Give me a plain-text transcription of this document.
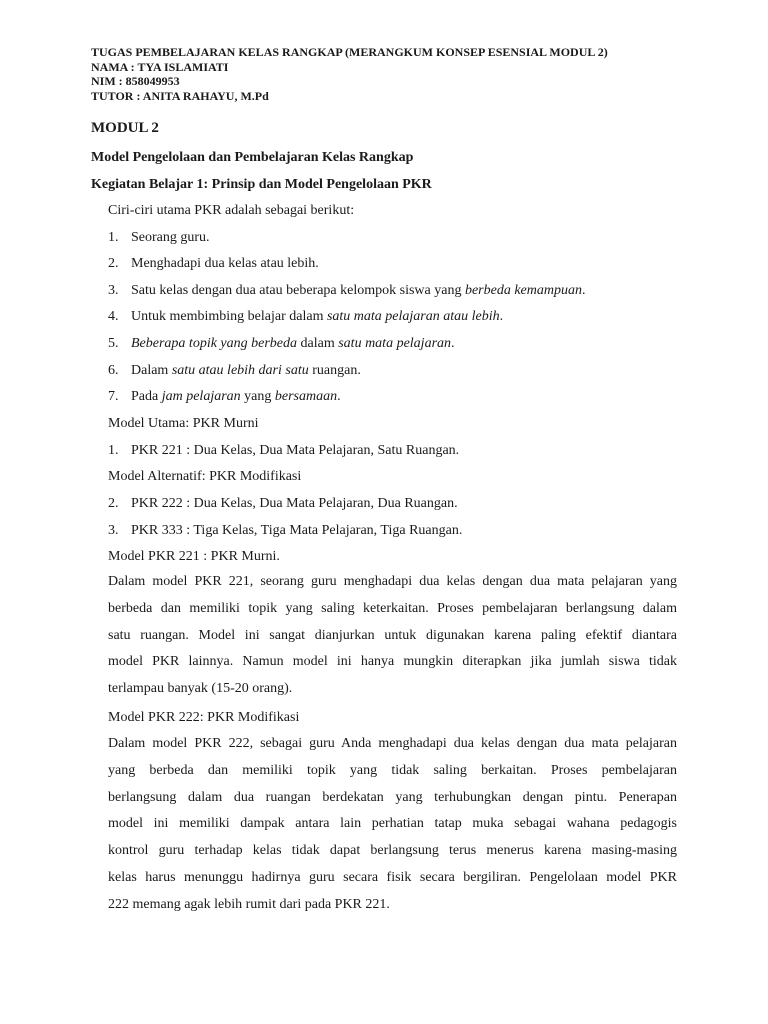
TUGAS PEMBELAJARAN KELAS RANGKAP (MERANGKUM KONSEP ESENSIAL MODUL 2)
NAMA : TYA ISLAMIATI
NIM : 858049953
TUTOR : ANITA RAHAYU, M.Pd
MODUL 2
Model Pengelolaan dan Pembelajaran Kelas Rangkap
Kegiatan Belajar 1: Prinsip dan Model Pengelolaan PKR
Ciri-ciri utama PKR adalah sebagai berikut:
1. Seorang guru.
2. Menghadapi dua kelas atau lebih.
3. Satu kelas dengan dua atau beberapa kelompok siswa yang berbeda kemampuan.
4. Untuk membimbing belajar dalam satu mata pelajaran atau lebih.
5. Beberapa topik yang berbeda dalam satu mata pelajaran.
6. Dalam satu atau lebih dari satu ruangan.
7. Pada jam pelajaran yang bersamaan.
Model Utama: PKR Murni
1. PKR 221 : Dua Kelas, Dua Mata Pelajaran, Satu Ruangan.
Model Alternatif: PKR Modifikasi
2. PKR 222 : Dua Kelas, Dua Mata Pelajaran, Dua Ruangan.
3. PKR 333 : Tiga Kelas, Tiga Mata Pelajaran, Tiga Ruangan.
Model PKR 221 : PKR Murni.
Dalam model PKR 221, seorang guru menghadapi dua kelas dengan dua mata pelajaran yang
berbeda dan memiliki topik yang saling keterkaitan. Proses pembelajaran berlangsung dalam
satu ruangan. Model ini sangat dianjurkan untuk digunakan karena paling efektif diantara
model PKR lainnya. Namun model ini hanya mungkin diterapkan jika jumlah siswa tidak
terlampau banyak (15-20 orang).
Model PKR 222: PKR Modifikasi
Dalam model PKR 222, sebagai guru Anda menghadapi dua kelas dengan dua mata pelajaran
yang berbeda dan memiliki topik yang tidak saling berkaitan. Proses pembelajaran
berlangsung dalam dua ruangan berdekatan yang terhubungkan dengan pintu. Penerapan
model ini memiliki dampak antara lain perhatian tatap muka sebagai wahana pedagogis
kontrol guru terhadap kelas tidak dapat berlangsung terus menerus karena masing-masing
kelas harus menunggu hadirnya guru secara fisik secara bergiliran. Pengelolaan model PKR
222 memang agak lebih rumit dari pada PKR 221.
